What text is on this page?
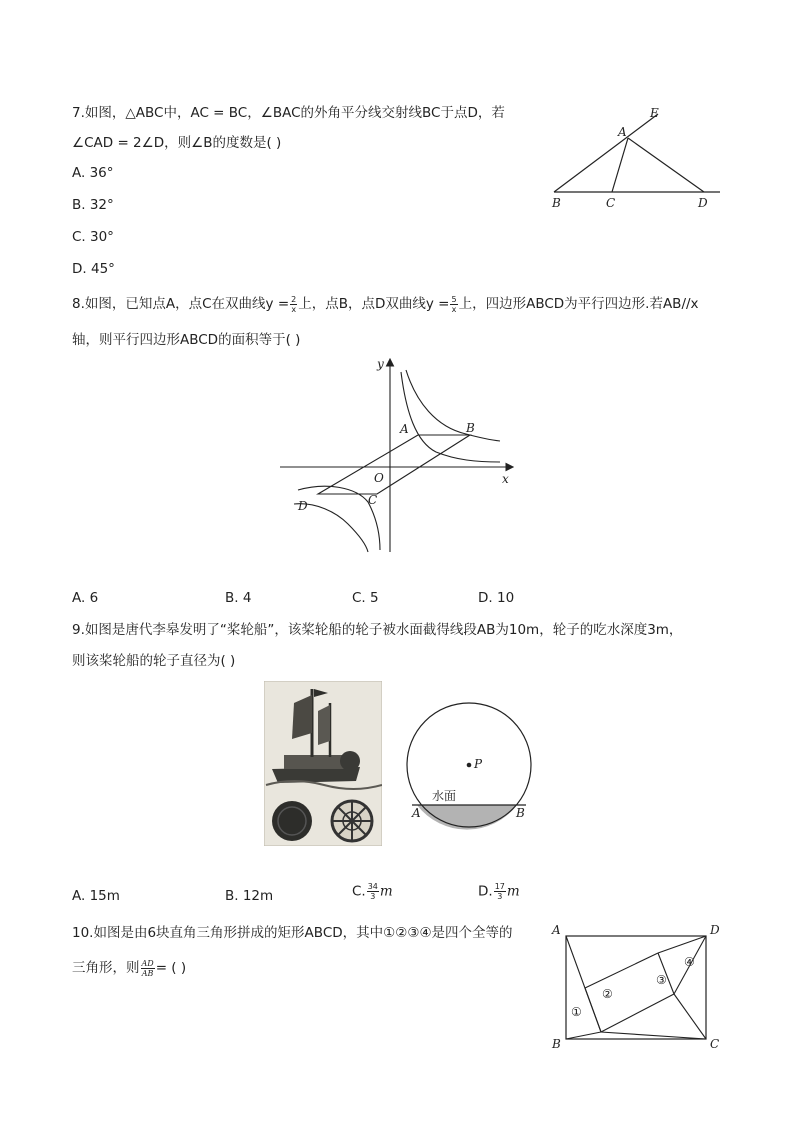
7.如图，△ABC中，AC = BC，∠BAC的外角平分线交射线BC于点D，若
∠CAD = 2∠D，则∠B的度数是( )
A. 36°
B. 32°
C. 30°
D. 45°
E
A
B	C	D
8.如图，已知点A，点C在双曲线$y = \frac{2}{x}$ 上，点B，点D双曲线$y = \frac{5}{x}$ 上，四边形ABCD为平行四边形.若AB//x
轴，则平行四边形ABCD的面积等于( )
y
x
O
A	B
C
D
A. 6	B. 4	C. 5	D. 10
9.如图是唐代李皋发明了“桨轮船”，该桨轮船的轮子被水面截得线段AB为10m，轮子的吃水深度3m，
则该桨轮船的轮子直径为( )
P
水面
A	B
A. 15m	B. 12m	C. $\frac{34}{3}$ m	D. $\frac{17}{3}$ m
10.如图是由6块直角三角形拼成的矩形ABCD，其中①②③④是四个全等的
三角形，则 $\frac{AD}{AB}$ = ( )
A	D
B	C
①
②
③
④
